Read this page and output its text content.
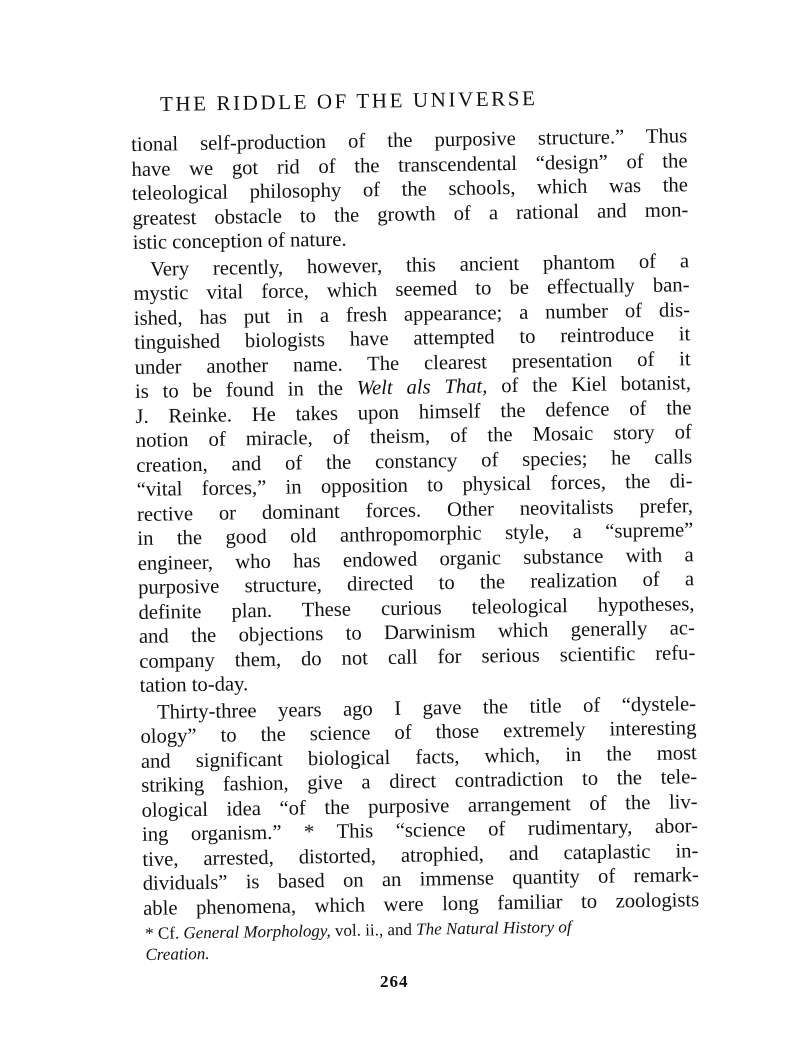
THE RIDDLE OF THE UNIVERSE
tional self-production of the purposive structure.” Thus
have we got rid of the transcendental “design” of the
teleological philosophy of the schools, which was the
greatest obstacle to the growth of a rational and mon-
istic conception of nature.
Very recently, however, this ancient phantom of a
mystic vital force, which seemed to be effectually ban-
ished, has put in a fresh appearance; a number of dis-
tinguished biologists have attempted to reintroduce it
under another name. The clearest presentation of it
is to be found in the Welt als That, of the Kiel botanist,
J. Reinke. He takes upon himself the defence of the
notion of miracle, of theism, of the Mosaic story of
creation, and of the constancy of species; he calls
“vital forces,” in opposition to physical forces, the di-
rective or dominant forces. Other neovitalists prefer,
in the good old anthropomorphic style, a “supreme”
engineer, who has endowed organic substance with a
purposive structure, directed to the realization of a
definite plan. These curious teleological hypotheses,
and the objections to Darwinism which generally ac-
company them, do not call for serious scientific refu-
tation to-day.
Thirty-three years ago I gave the title of “dystele-
ology” to the science of those extremely interesting
and significant biological facts, which, in the most
striking fashion, give a direct contradiction to the tele-
ological idea “of the purposive arrangement of the liv-
ing organism.” * This “science of rudimentary, abor-
tive, arrested, distorted, atrophied, and cataplastic in-
dividuals” is based on an immense quantity of remark-
able phenomena, which were long familiar to zoologists
* Cf. General Morphology, vol. ii., and The Natural History of
Creation.
264
